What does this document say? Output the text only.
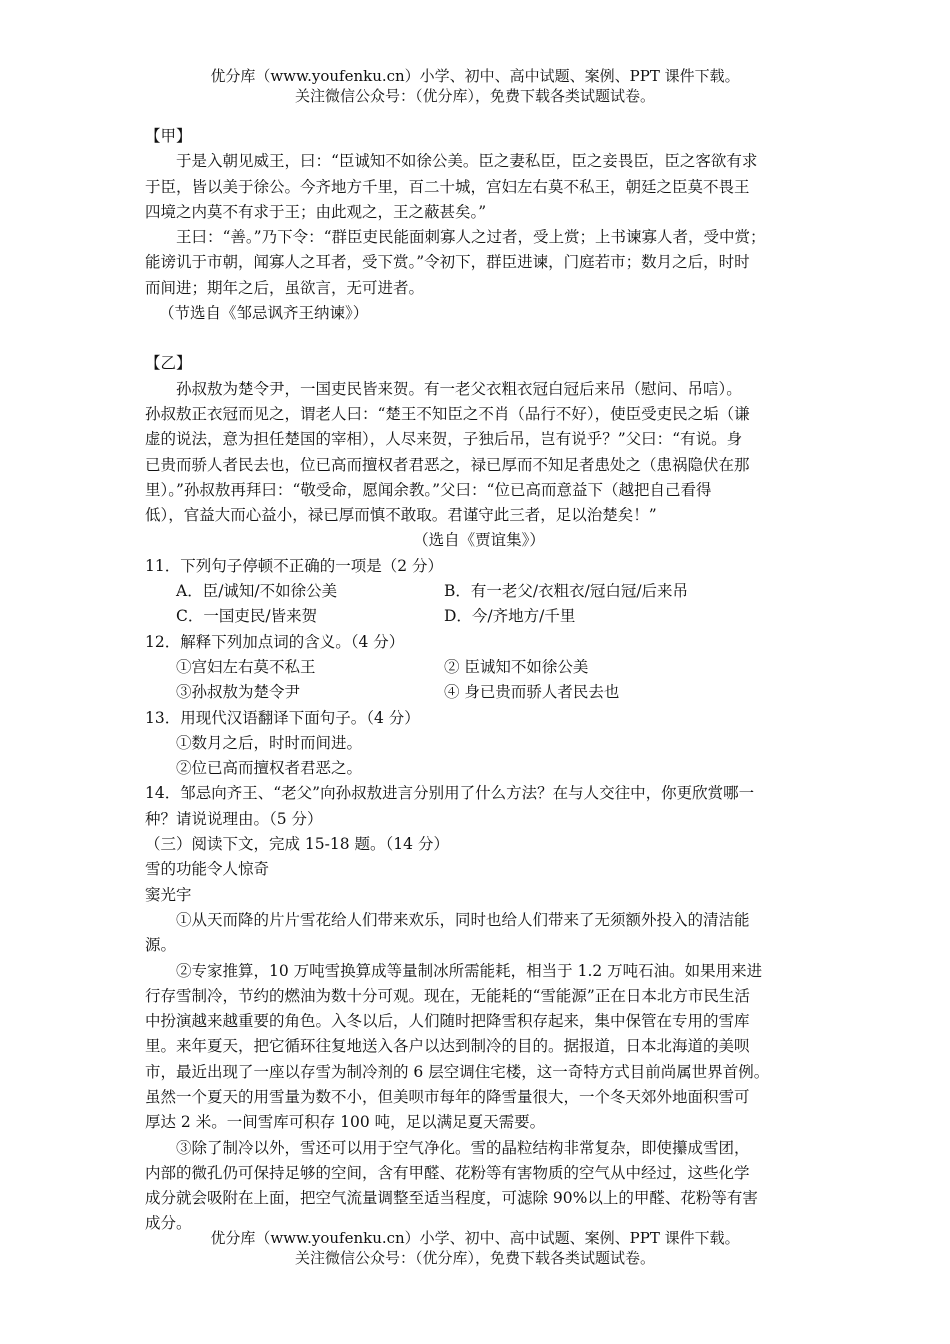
优分库（www.youfenku.cn）小学、初中、高中试题、案例、PPT 课件下载。
关注微信公众号：（优分库），免费下载各类试题试卷。

【甲】

于是入朝见威王，曰：“臣诚知不如徐公美。臣之妻私臣，臣之妾畏臣，臣之客欲有求

于臣，皆以美于徐公。今齐地方千里，百二十城，宫妇左右莫不私王，朝廷之臣莫不畏王

四境之内莫不有求于王；由此观之，王之蔽甚矣。”

王曰：“善。”乃下令：“群臣吏民能面刺寡人之过者，受上赏；上书谏寡人者，受中赏；

能谤讥于市朝，闻寡人之耳者，受下赏。”令初下，群臣进谏，门庭若市；数月之后，时时

而间进；期年之后，虽欲言，无可进者。

（节选自《邹忌讽齐王纳谏》）

【乙】

孙叔敖为楚令尹，一国吏民皆来贺。有一老父衣粗衣冠白冠后来吊（慰问、吊唁）。

孙叔敖正衣冠而见之，谓老人曰：“楚王不知臣之不肖（品行不好），使臣受吏民之垢（谦

虚的说法，意为担任楚国的宰相），人尽来贺，子独后吊，岂有说乎？”父曰：“有说。身

已贵而骄人者民去也，位已高而擅权者君恶之，禄已厚而不知足者患处之（患祸隐伏在那

里）。”孙叔敖再拜曰：“敬受命，愿闻余教。”父曰：“位已高而意益下（越把自己看得

低），官益大而心益小，禄已厚而慎不敢取。君谨守此三者，足以治楚矣！”

（选自《贾谊集》）

11．下列句子停顿不正确的一项是（2 分）

A．臣/诚知/不如徐公美	B．有一老父/衣粗衣/冠白冠/后来吊
C．一国吏民/皆来贺	D．今/齐地方/千里

12．解释下列加点词的含义。（4 分）

①宫妇左右莫不私王	② 臣诚知不如徐公美
③孙叔敖为楚令尹	④ 身已贵而骄人者民去也

13．用现代汉语翻译下面句子。（4 分）

①数月之后，时时而间进。

②位已高而擅权者君恶之。

14．邹忌向齐王、“老父”向孙叔敖进言分别用了什么方法？在与人交往中，你更欣赏哪一

种？请说说理由。（5 分）

（三）阅读下文，完成 15-18 题。（14 分）

雪的功能令人惊奇

窦光宇

①从天而降的片片雪花给人们带来欢乐，同时也给人们带来了无须额外投入的清洁能

源。

②专家推算，10 万吨雪换算成等量制冰所需能耗，相当于 1.2 万吨石油。如果用来进

行存雪制冷，节约的燃油为数十分可观。现在，无能耗的“雪能源”正在日本北方市民生活

中扮演越来越重要的角色。入冬以后，人们随时把降雪积存起来，集中保管在专用的雪库

里。来年夏天，把它循环往复地送入各户以达到制冷的目的。据报道，日本北海道的美呗

市，最近出现了一座以存雪为制冷剂的 6 层空调住宅楼，这一奇特方式目前尚属世界首例。

虽然一个夏天的用雪量为数不小，但美呗市每年的降雪量很大，一个冬天郊外地面积雪可

厚达 2 米。一间雪库可积存 100 吨，足以满足夏天需要。

③除了制冷以外，雪还可以用于空气净化。雪的晶粒结构非常复杂，即使攥成雪团，

内部的微孔仍可保持足够的空间，含有甲醛、花粉等有害物质的空气从中经过，这些化学

成分就会吸附在上面，把空气流量调整至适当程度，可滤除 90%以上的甲醛、花粉等有害

成分。

优分库（www.youfenku.cn）小学、初中、高中试题、案例、PPT 课件下载。
关注微信公众号：（优分库），免费下载各类试题试卷。
